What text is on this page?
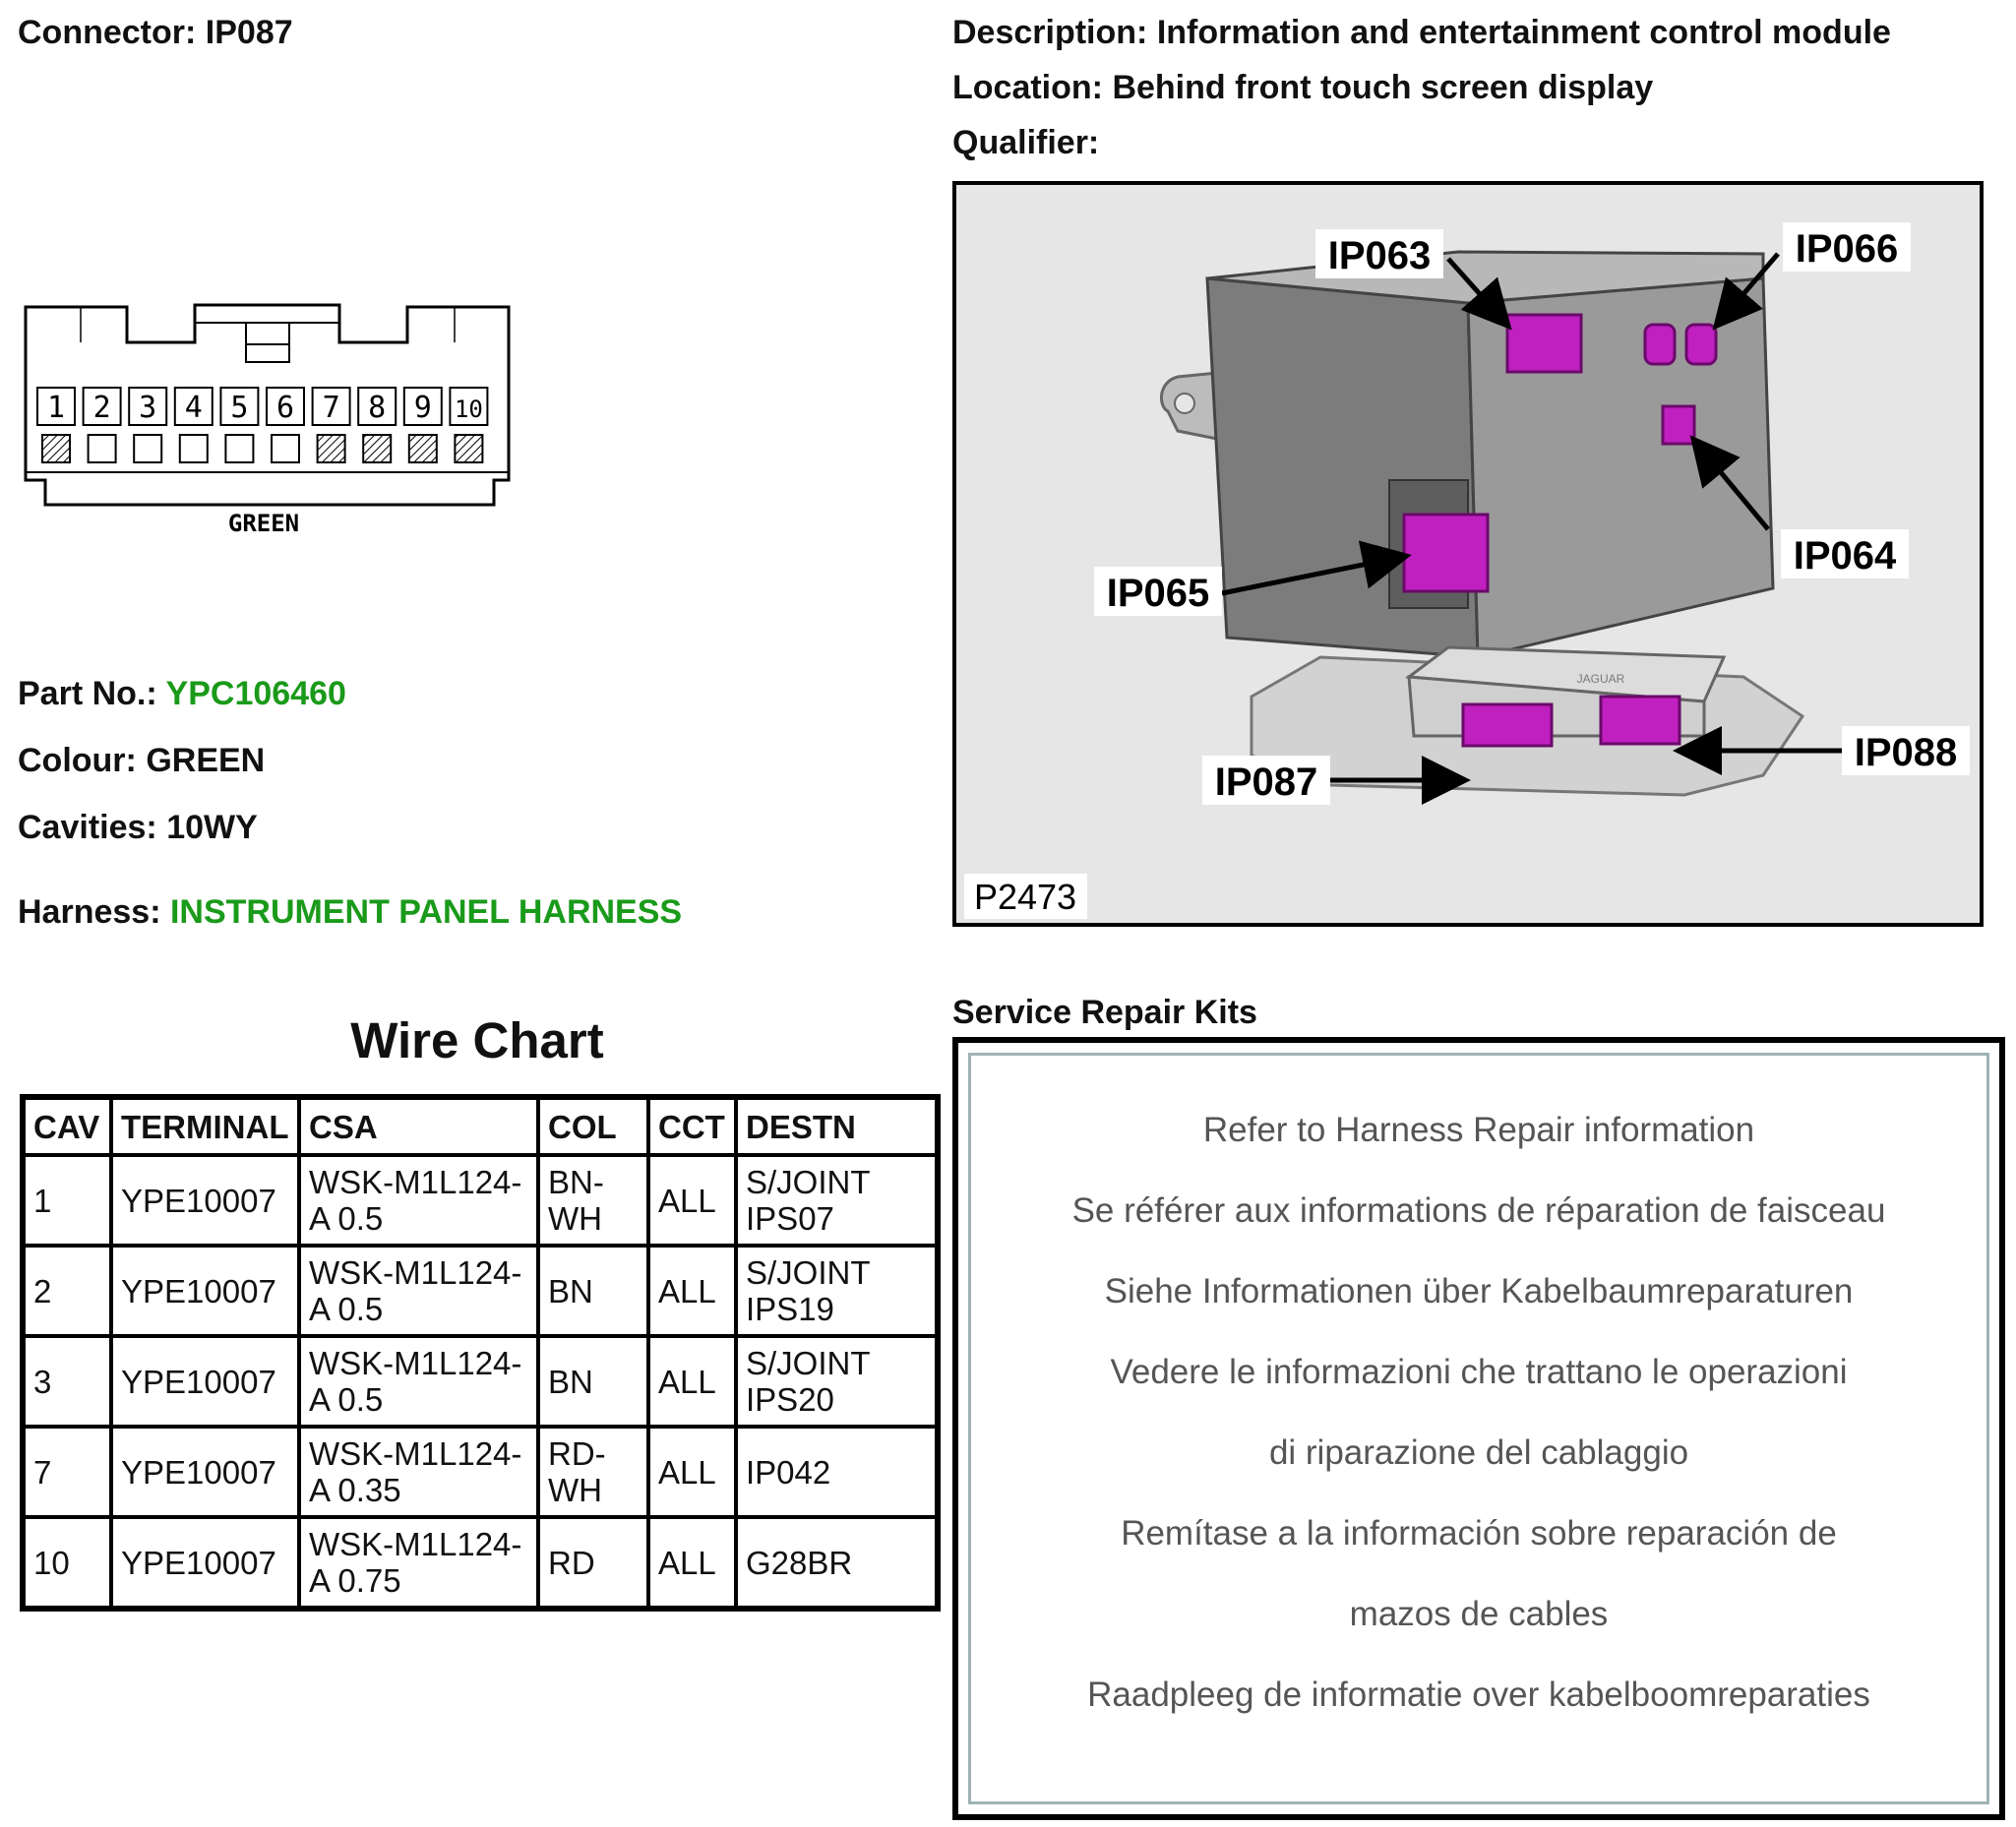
Connector: IP087	Description: Information and entertainment control module
Location: Behind front touch screen display
Qualifier:
1 2 3 4 5 6 7 8 9 10
GREEN
Part No.: YPC106460
Colour: GREEN
Cavities: 10WY
Harness: INSTRUMENT PANEL HARNESS
Wire Chart
CAV	TERMINAL	CSA	COL	CCT	DESTN
1	YPE10007	WSK-M1L124-A 0.5	BN-WH	ALL	S/JOINT IPS07
2	YPE10007	WSK-M1L124-A 0.5	BN	ALL	S/JOINT IPS19
3	YPE10007	WSK-M1L124-A 0.5	BN	ALL	S/JOINT IPS20
7	YPE10007	WSK-M1L124-A 0.35	RD-WH	ALL	IP042
10	YPE10007	WSK-M1L124-A 0.75	RD	ALL	G28BR
JAGUAR
IP063	IP066
IP064
IP065
IP087
IP088
P2473
Service Repair Kits
Refer to Harness Repair information
Se référer aux informations de réparation de faisceau
Siehe Informationen über Kabelbaumreparaturen
Vedere le informazioni che trattano le operazioni
di riparazione del cablaggio
Remítase a la información sobre reparación de
mazos de cables
Raadpleeg de informatie over kabelboomreparaties
